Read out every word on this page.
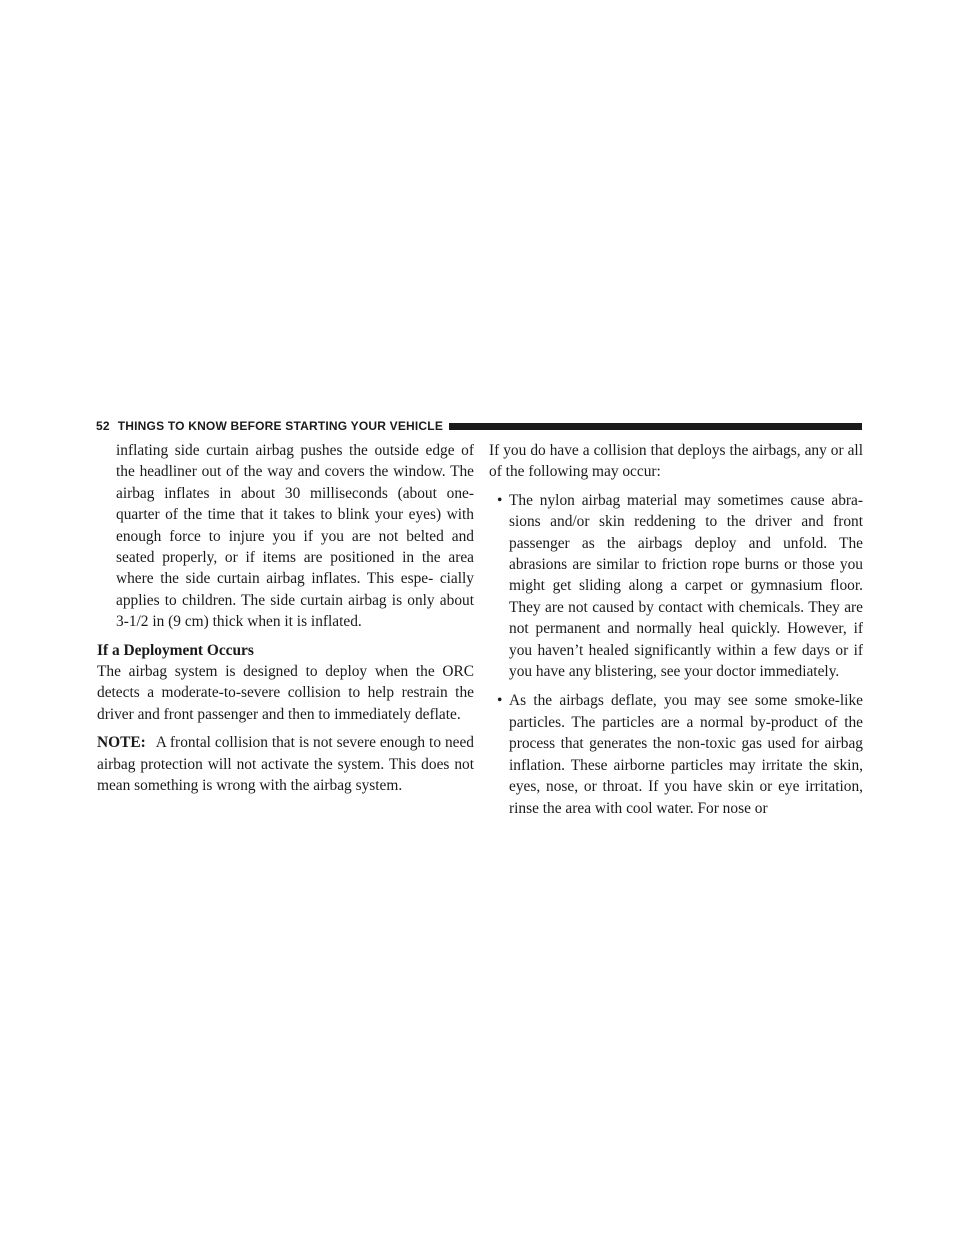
52 THINGS TO KNOW BEFORE STARTING YOUR VEHICLE

inflating side curtain airbag pushes the outside edge of the headliner out of the way and covers the window. The airbag inflates in about 30 milliseconds (about one-quarter of the time that it takes to blink your eyes) with enough force to injure you if you are not belted and seated properly, or if items are positioned in the area where the side curtain airbag inflates. This espe- cially applies to children. The side curtain airbag is only about 3-1/2 in (9 cm) thick when it is inflated.

If a Deployment Occurs

The airbag system is designed to deploy when the ORC detects a moderate-to-severe collision to help restrain the driver and front passenger and then to immediately deflate.

NOTE: A frontal collision that is not severe enough to need airbag protection will not activate the system. This does not mean something is wrong with the airbag system.

If you do have a collision that deploys the airbags, any or all of the following may occur:

• The nylon airbag material may sometimes cause abra- sions and/or skin reddening to the driver and front passenger as the airbags deploy and unfold. The abrasions are similar to friction rope burns or those you might get sliding along a carpet or gymnasium floor. They are not caused by contact with chemicals. They are not permanent and normally heal quickly. However, if you haven’t healed significantly within a few days or if you have any blistering, see your doctor immediately.
• As the airbags deflate, you may see some smoke-like particles. The particles are a normal by-product of the process that generates the non-toxic gas used for airbag inflation. These airborne particles may irritate the skin, eyes, nose, or throat. If you have skin or eye irritation, rinse the area with cool water. For nose or
